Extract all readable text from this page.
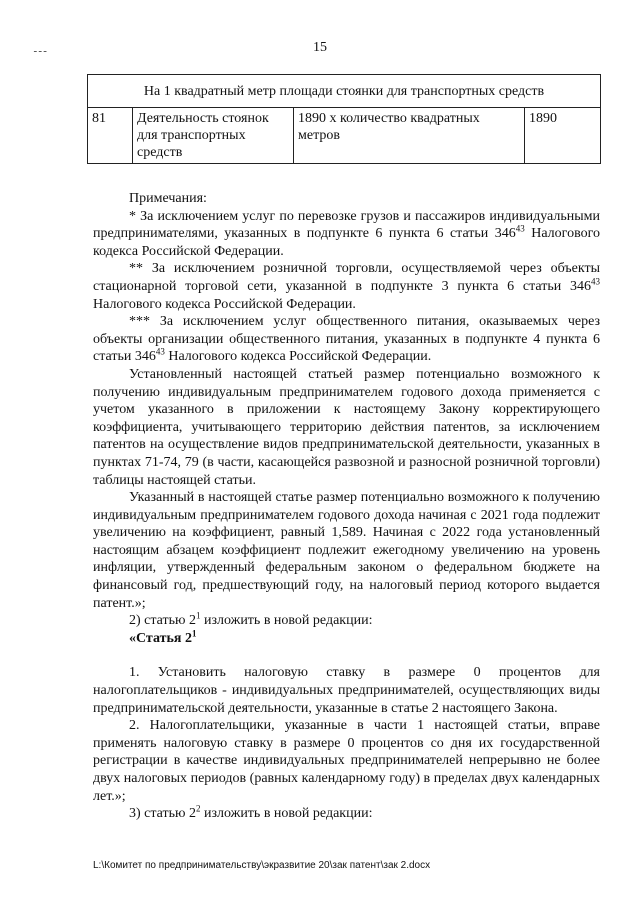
15
ـ ـ ـ
На 1 квадратный метр площади стоянки для транспортных средств
81	Деятельность стоянок для транспортных средств	1890 x количество квадратных метров	1890

Примечания:

* За исключением услуг по перевозке грузов и пассажиров индивидуальными предпринимателями, указанных в подпункте 6 пункта 6 статьи $346^{43}$ Налогового кодекса Российской Федерации.

** За исключением розничной торговли, осуществляемой через объекты стационарной торговой сети, указанной в подпункте 3 пункта 6 статьи $346^{43}$ Налогового кодекса Российской Федерации.

*** За исключением услуг общественного питания, оказываемых через объекты организации общественного питания, указанных в подпункте 4 пункта 6 статьи $346^{43}$ Налогового кодекса Российской Федерации.

Установленный настоящей статьей размер потенциально возможного к получению индивидуальным предпринимателем годового дохода применяется с учетом указанного в приложении к настоящему Закону корректирующего коэффициента, учитывающего территорию действия патентов, за исключением патентов на осуществление видов предпринимательской деятельности, указанных в пунктах 71-74, 79 (в части, касающейся развозной и разносной розничной торговли) таблицы настоящей статьи.

Указанный в настоящей статье размер потенциально возможного к получению индивидуальным предпринимателем годового дохода начиная с 2021 года подлежит увеличению на коэффициент, равный 1,589. Начиная с 2022 года установленный настоящим абзацем коэффициент подлежит ежегодному увеличению на уровень инфляции, утвержденный федеральным законом о федеральном бюджете на финансовый год, предшествующий году, на налоговый период которого выдается патент.»;

2) статью $2^1$ изложить в новой редакции:

«Статья $2^1$

1. Установить налоговую ставку в размере 0 процентов для налогоплательщиков - индивидуальных предпринимателей, осуществляющих виды предпринимательской деятельности, указанные в статье 2 настоящего Закона.

2. Налогоплательщики, указанные в части 1 настоящей статьи, вправе применять налоговую ставку в размере 0 процентов со дня их государственной регистрации в качестве индивидуальных предпринимателей непрерывно не более двух налоговых периодов (равных календарному году) в пределах двух календарных лет.»;

3) статью $2^2$ изложить в новой редакции:

L:\Комитет по предпринимательству\экразвитие 20\зак патент\зак 2.docx
